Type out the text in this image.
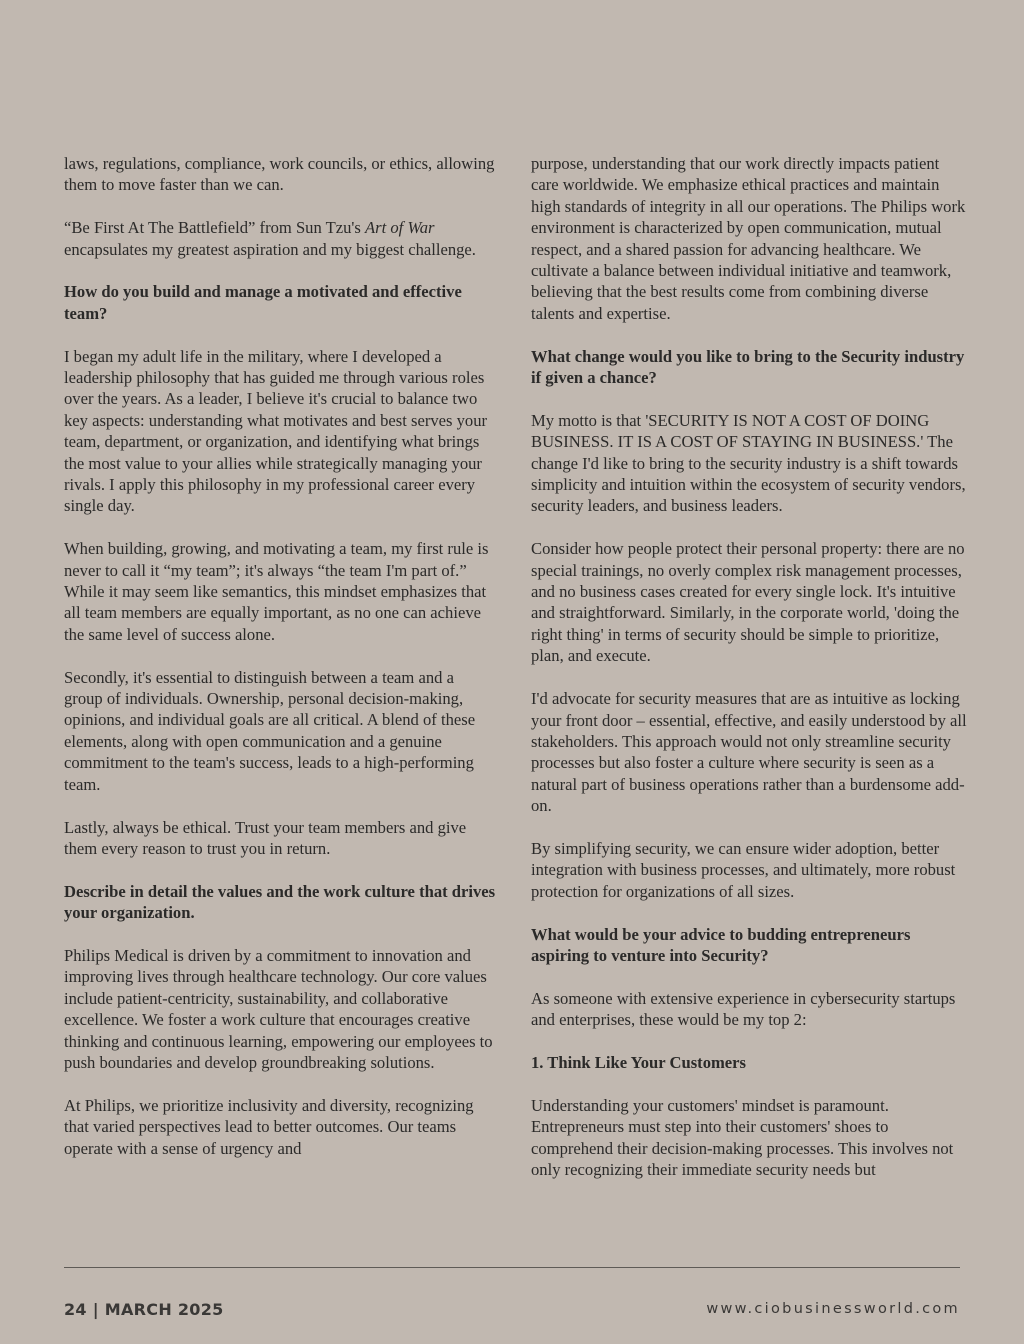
laws, regulations, compliance, work councils, or ethics, allowing them to move faster than we can.

“Be First At The Battlefield” from Sun Tzu's Art of War encapsulates my greatest aspiration and my biggest challenge.

How do you build and manage a motivated and effective team?

I began my adult life in the military, where I developed a leadership philosophy that has guided me through various roles over the years. As a leader, I believe it's crucial to balance two key aspects: understanding what motivates and best serves your team, department, or organization, and identifying what brings the most value to your allies while strategically managing your rivals. I apply this philosophy in my professional career every single day.

When building, growing, and motivating a team, my first rule is never to call it “my team”; it's always “the team I'm part of.” While it may seem like semantics, this mindset emphasizes that all team members are equally important, as no one can achieve the same level of success alone.

Secondly, it's essential to distinguish between a team and a group of individuals. Ownership, personal decision-making, opinions, and individual goals are all critical. A blend of these elements, along with open communication and a genuine commitment to the team's success, leads to a high-performing team.

Lastly, always be ethical. Trust your team members and give them every reason to trust you in return.

Describe in detail the values and the work culture that drives your organization.

Philips Medical is driven by a commitment to innovation and improving lives through healthcare technology. Our core values include patient-centricity, sustainability, and collaborative excellence. We foster a work culture that encourages creative thinking and continuous learning, empowering our employees to push boundaries and develop groundbreaking solutions.

At Philips, we prioritize inclusivity and diversity, recognizing that varied perspectives lead to better outcomes. Our teams operate with a sense of urgency and

purpose, understanding that our work directly impacts patient care worldwide. We emphasize ethical practices and maintain high standards of integrity in all our operations. The Philips work environment is characterized by open communication, mutual respect, and a shared passion for advancing healthcare. We cultivate a balance between individual initiative and teamwork, believing that the best results come from combining diverse talents and expertise.

What change would you like to bring to the Security industry if given a chance?

My motto is that 'SECURITY IS NOT A COST OF DOING BUSINESS. IT IS A COST OF STAYING IN BUSINESS.' The change I'd like to bring to the security industry is a shift towards simplicity and intuition within the ecosystem of security vendors, security leaders, and business leaders.

Consider how people protect their personal property: there are no special trainings, no overly complex risk management processes, and no business cases created for every single lock. It's intuitive and straightforward. Similarly, in the corporate world, 'doing the right thing' in terms of security should be simple to prioritize, plan, and execute.

I'd advocate for security measures that are as intuitive as locking your front door – essential, effective, and easily understood by all stakeholders. This approach would not only streamline security processes but also foster a culture where security is seen as a natural part of business operations rather than a burdensome add-on.

By simplifying security, we can ensure wider adoption, better integration with business processes, and ultimately, more robust protection for organizations of all sizes.

What would be your advice to budding entrepreneurs aspiring to venture into Security?

As someone with extensive experience in cybersecurity startups and enterprises, these would be my top 2:

1. Think Like Your Customers

Understanding your customers' mindset is paramount. Entrepreneurs must step into their customers' shoes to comprehend their decision-making processes. This involves not only recognizing their immediate security needs but

24 | MARCH 2025	www.ciobusinessworld.com
